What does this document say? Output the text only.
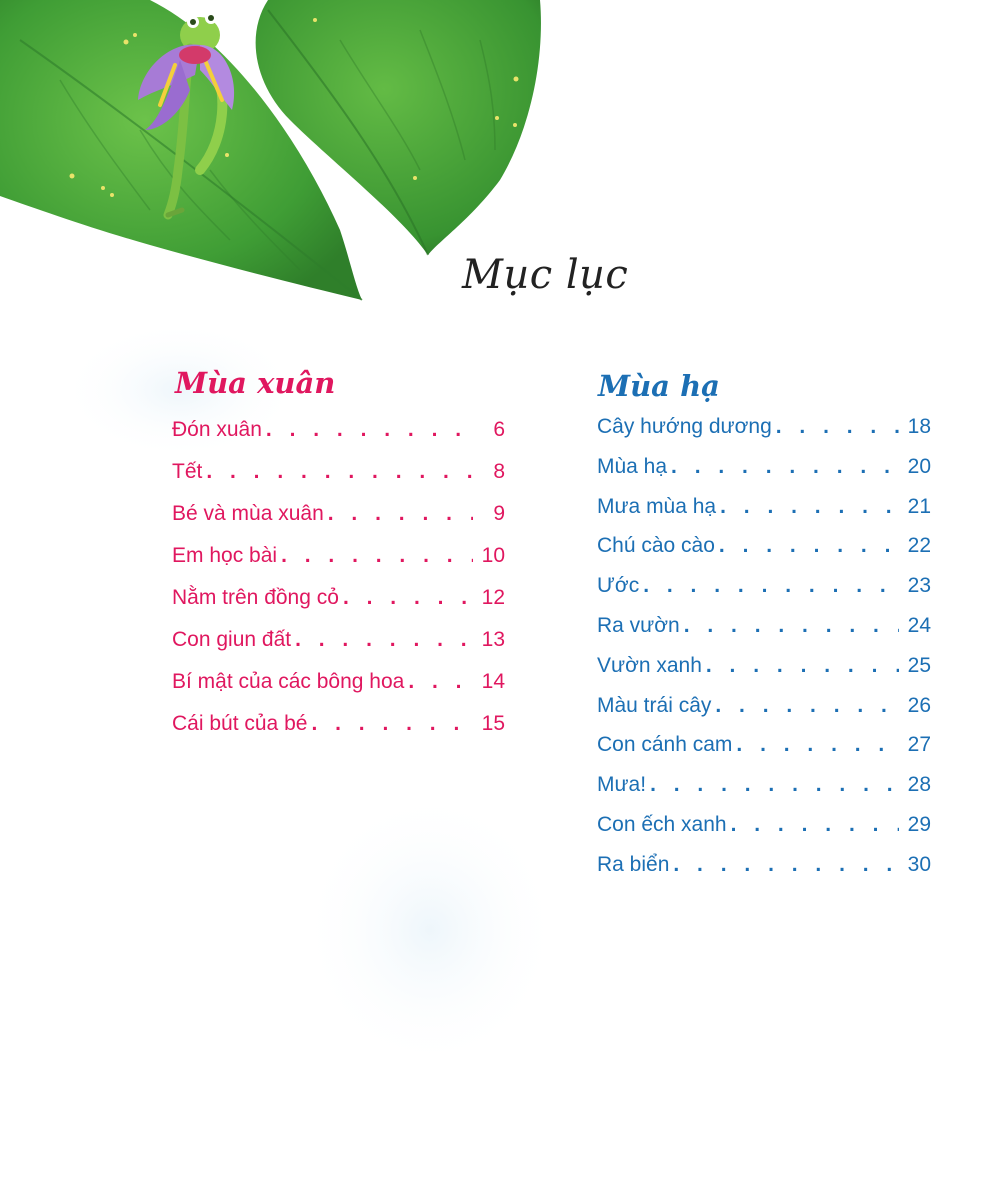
Mục lục
Mùa xuân
Đón xuân . . .	6
Tết . . .	8
Bé và mùa xuân . . .	9
Em học bài . . .	10
Nằm trên đồng cỏ . . .	12
Con giun đất . . .	13
Bí mật của các bông hoa . . .	14
Cái bút của bé . . .	15
Mùa hạ
Cây hướng dương . . .	18
Mùa hạ . . .	20
Mưa mùa hạ . . .	21
Chú cào cào . . .	22
Ước . . .	23
Ra vườn . . .	24
Vườn xanh . . .	25
Màu trái cây . . .	26
Con cánh cam . . .	27
Mưa! . . .	28
Con ếch xanh . . .	29
Ra biển . . .	30
